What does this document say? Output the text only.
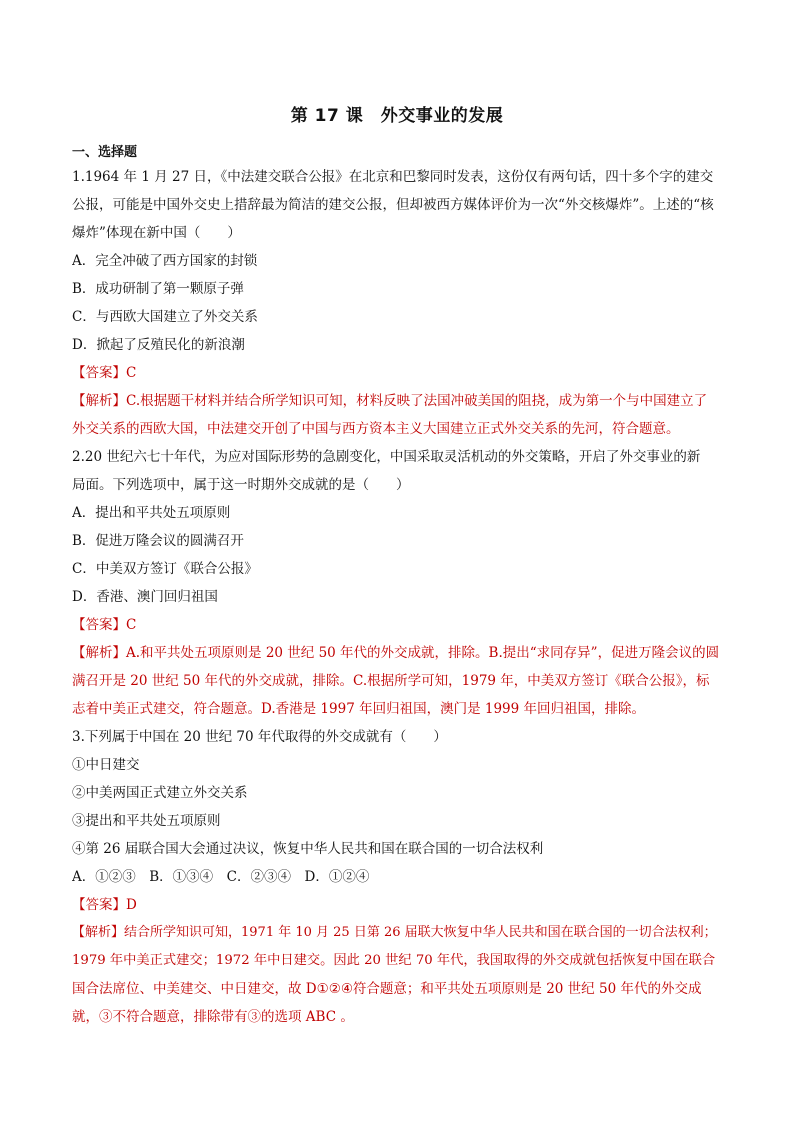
第 17 课　外交事业的发展
一、选择题
1.1964 年 1 月 27 日，《中法建交联合公报》在北京和巴黎同时发表，这份仅有两句话，四十多个字的建交
公报，可能是中国外交史上措辞最为简洁的建交公报，但却被西方媒体评价为一次“外交核爆炸”。上述的“核
爆炸”体现在新中国（　　）
A．完全冲破了西方国家的封锁
B．成功研制了第一颗原子弹
C．与西欧大国建立了外交关系
D．掀起了反殖民化的新浪潮
【答案】C
【解析】C.根据题干材料并结合所学知识可知，材料反映了法国冲破美国的阻挠，成为第一个与中国建立了
外交关系的西欧大国，中法建交开创了中国与西方资本主义大国建立正式外交关系的先河，符合题意。
2.20 世纪六七十年代，为应对国际形势的急剧变化，中国采取灵活机动的外交策略，开启了外交事业的新
局面。下列选项中，属于这一时期外交成就的是（　　）
A．提出和平共处五项原则
B．促进万隆会议的圆满召开
C．中美双方签订《联合公报》
D．香港、澳门回归祖国
【答案】C
【解析】A.和平共处五项原则是 20 世纪 50 年代的外交成就，排除。B.提出“求同存异”，促进万隆会议的圆
满召开是 20 世纪 50 年代的外交成就，排除。C.根据所学可知，1979 年，中美双方签订《联合公报》，标
志着中美正式建交，符合题意。D.香港是 1997 年回归祖国，澳门是 1999 年回归祖国，排除。
3.下列属于中国在 20 世纪 70 年代取得的外交成就有（　　）
①中日建交
②中美两国正式建立外交关系
③提出和平共处五项原则
④第 26 届联合国大会通过决议，恢复中华人民共和国在联合国的一切合法权利
A．①②③　B．①③④　C．②③④　D．①②④
【答案】D
【解析】结合所学知识可知，1971 年 10 月 25 日第 26 届联大恢复中华人民共和国在联合国的一切合法权利；
1979 年中美正式建交；1972 年中日建交。因此 20 世纪 70 年代，我国取得的外交成就包括恢复中国在联合
国合法席位、中美建交、中日建交，故 D①②④符合题意；和平共处五项原则是 20 世纪 50 年代的外交成
就，③不符合题意，排除带有③的选项 ABC 。
